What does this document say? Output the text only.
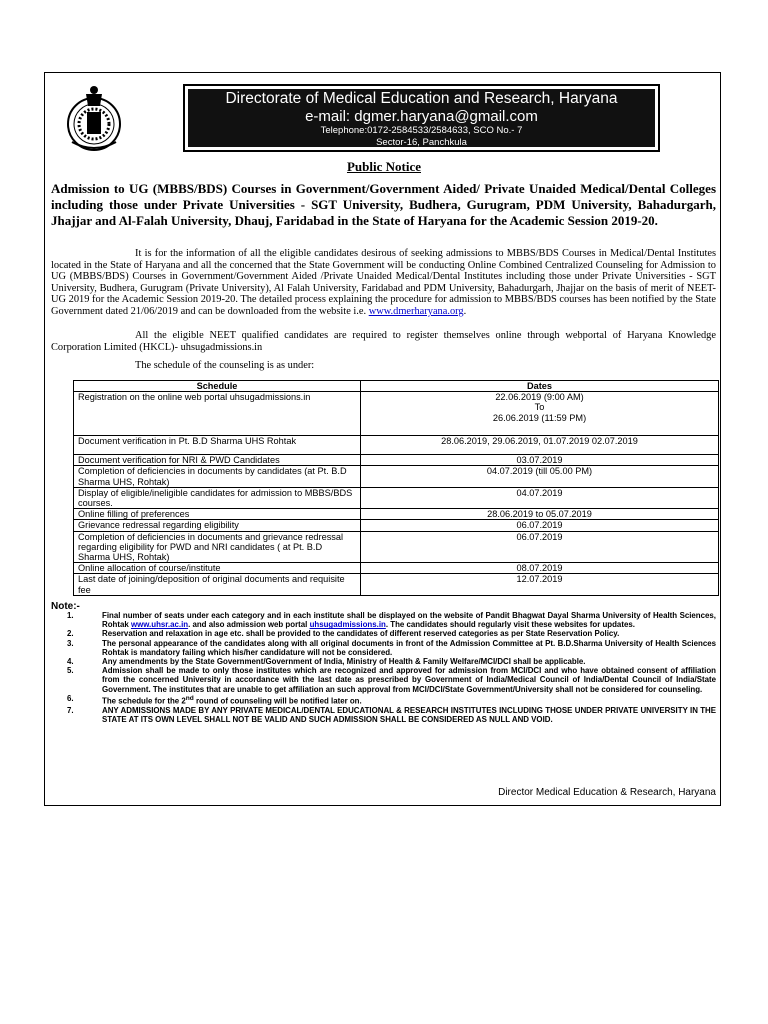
Directorate of Medical Education and Research, Haryana
e-mail: dgmer.haryana@gmail.com
Telephone:0172-2584533/2584633, SCO No.- 7
Sector-16, Panchkula
Public Notice
Admission to UG (MBBS/BDS) Courses in Government/Government Aided/ Private Unaided Medical/Dental Colleges including those under Private Universities - SGT University, Budhera, Gurugram, PDM University, Bahadurgarh, Jhajjar and Al-Falah University, Dhauj, Faridabad in the State of Haryana for the Academic Session 2019-20.
It is for the information of all the eligible candidates desirous of seeking admissions to MBBS/BDS Courses in Medical/Dental Institutes located in the State of Haryana and all the concerned that the State Government will be conducting Online Combined Centralized Counseling for Admission to UG (MBBS/BDS) Courses in Government/Government Aided /Private Unaided Medical/Dental Institutes including those under Private Universities - SGT University, Budhera, Gurugram (Private University), Al Falah University, Faridabad and PDM University, Bahadurgarh, Jhajjar on the basis of merit of NEET-UG 2019 for the Academic Session 2019-20. The detailed process explaining the procedure for admission to MBBS/BDS courses has been notified by the State Government dated 21/06/2019 and can be downloaded from the website i.e. www.dmerharyana.org.
All the eligible NEET qualified candidates are required to register themselves online through webportal of Haryana Knowledge Corporation Limited (HKCL)- uhsugadmissions.in
The schedule of the counseling is as under:
Schedule	Dates
Registration on the online web portal uhsugadmissions.in	22.06.2019 (9:00 AM)
To
26.06.2019 (11:59 PM)
Document verification in Pt. B.D Sharma UHS Rohtak	28.06.2019, 29.06.2019, 01.07.2019 02.07.2019
Document verification for NRI & PWD Candidates	03.07.2019
Completion of deficiencies in documents by candidates (at Pt. B.D Sharma UHS, Rohtak)	04.07.2019 (till 05.00 PM)
Display of eligible/ineligible candidates for admission to MBBS/BDS courses.	04.07.2019
Online filling of preferences	28.06.2019 to 05.07.2019
Grievance redressal regarding eligibility	06.07.2019
Completion of deficiencies in documents and grievance redressal regarding eligibility for PWD and NRI candidates ( at Pt. B.D Sharma UHS, Rohtak)	06.07.2019
Online allocation of course/institute	08.07.2019
Last date of joining/deposition of original documents and requisite fee	12.07.2019
Note:-
1.	Final number of seats under each category and in each institute shall be displayed on the website of Pandit Bhagwat Dayal Sharma University of Health Sciences, Rohtak www.uhsr.ac.in. and also admission web portal uhsugadmissions.in. The candidates should regularly visit these websites for updates.
2.	Reservation and relaxation in age etc. shall be provided to the candidates of different reserved categories as per State Reservation Policy.
3.	The personal appearance of the candidates along with all original documents in front of the Admission Committee at Pt. B.D.Sharma University of Health Sciences Rohtak is mandatory failing which his/her candidature will not be considered.
4.	Any amendments by the State Government/Government of India, Ministry of Health & Family Welfare/MCI/DCI shall be applicable.
5.	Admission shall be made to only those institutes which are recognized and approved for admission from MCI/DCI and who have obtained consent of affiliation from the concerned University in accordance with the last date as prescribed by Government of India/Medical Council of India/Dental Council of India/State Government. The institutes that are unable to get affiliation an such approval from MCI/DCI/State Government/University shall not be considered for counseling.
6.	The schedule for the 2nd round of counseling will be notified later on.
7.	ANY ADMISSIONS MADE BY ANY PRIVATE MEDICAL/DENTAL EDUCATIONAL & RESEARCH INSTITUTES INCLUDING THOSE UNDER PRIVATE UNIVERSITY IN THE STATE AT ITS OWN LEVEL SHALL NOT BE VALID AND SUCH ADMISSION SHALL BE CONSIDERED AS NULL AND VOID.
Director Medical Education & Research, Haryana
